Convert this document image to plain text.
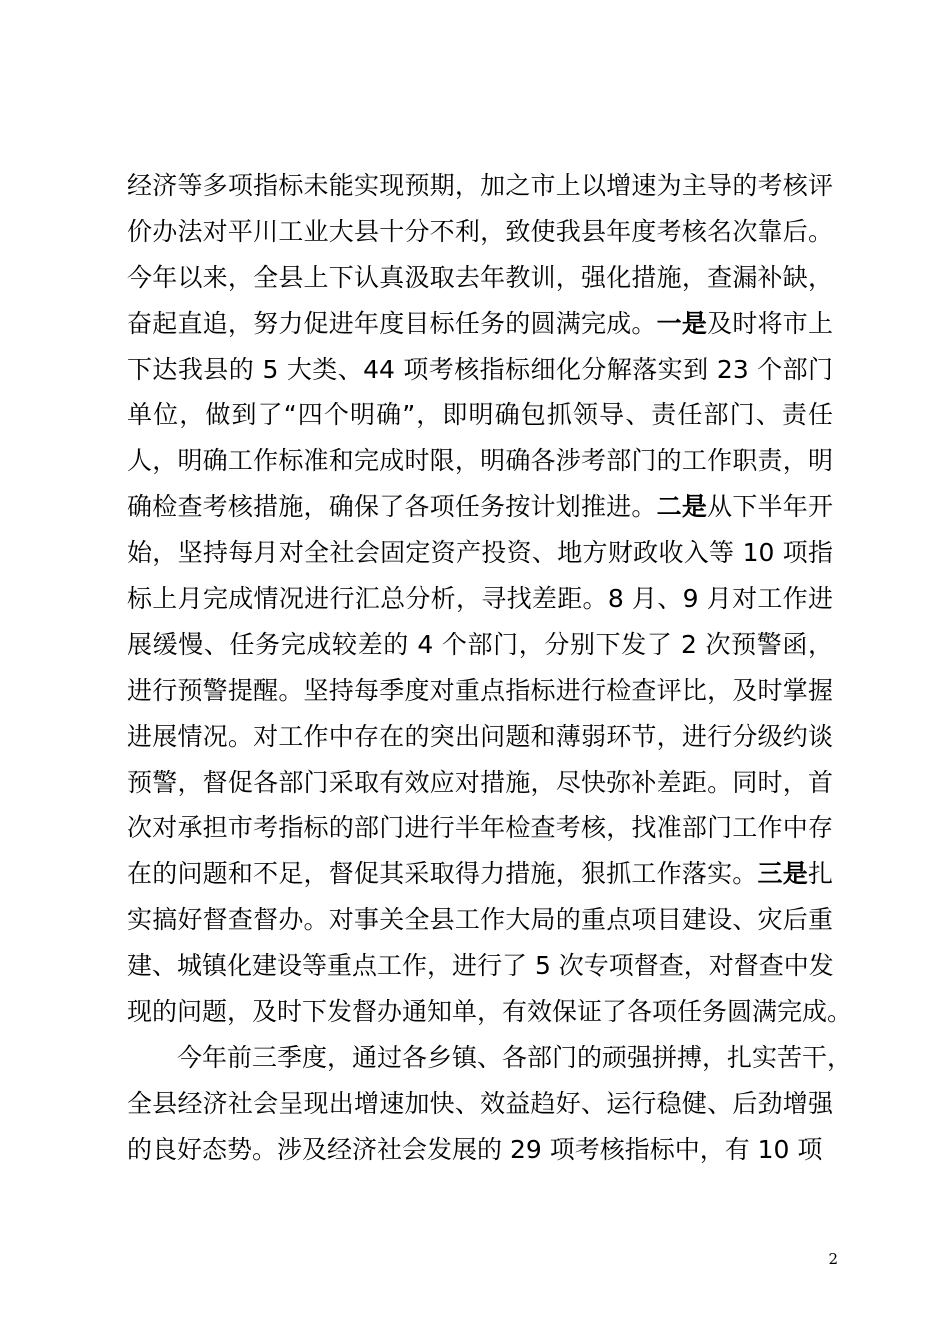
经济等多项指标未能实现预期，加之市上以增速为主导的考核评
价办法对平川工业大县十分不利，致使我县年度考核名次靠后。
今年以来，全县上下认真汲取去年教训，强化措施，查漏补缺，
奋起直追，努力促进年度目标任务的圆满完成。一是及时将市上
下达我县的 5 大类、44 项考核指标细化分解落实到 23 个部门
单位，做到了“四个明确”，即明确包抓领导、责任部门、责任
人，明确工作标准和完成时限，明确各涉考部门的工作职责，明
确检查考核措施，确保了各项任务按计划推进。二是从下半年开
始，坚持每月对全社会固定资产投资、地方财政收入等 10 项指
标上月完成情况进行汇总分析，寻找差距。8 月、9 月对工作进
展缓慢、任务完成较差的 4 个部门，分别下发了 2 次预警函，
进行预警提醒。坚持每季度对重点指标进行检查评比，及时掌握
进展情况。对工作中存在的突出问题和薄弱环节，进行分级约谈
预警，督促各部门采取有效应对措施，尽快弥补差距。同时，首
次对承担市考指标的部门进行半年检查考核，找准部门工作中存
在的问题和不足，督促其采取得力措施，狠抓工作落实。三是扎
实搞好督查督办。对事关全县工作大局的重点项目建设、灾后重
建、城镇化建设等重点工作，进行了 5 次专项督查，对督查中发
现的问题，及时下发督办通知单，有效保证了各项任务圆满完成。
今年前三季度，通过各乡镇、各部门的顽强拼搏，扎实苦干，
全县经济社会呈现出增速加快、效益趋好、运行稳健、后劲增强
的良好态势。涉及经济社会发展的 29 项考核指标中，有 10 项
2
